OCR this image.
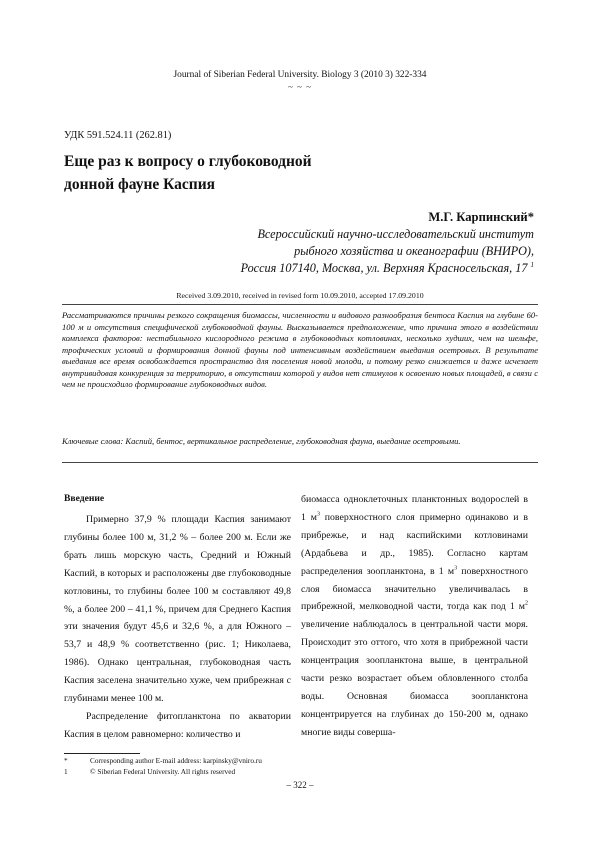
Journal of Siberian Federal University. Biology 3 (2010 3) 322-334
~ ~ ~
УДК 591.524.11 (262.81)
Еще раз к вопросу о глубоководной
донной фауне Каспия
М.Г. Карпинский*
Всероссийский научно-исследовательский институт
рыбного хозяйства и океанографии (ВНИРО),
Россия 107140, Москва, ул. Верхняя Красносельская, 17 $^1$
Received 3.09.2010, received in revised form 10.09.2010, accepted 17.09.2010

Рассматриваются причины резкого сокращения биомассы, численности и видового разнообразия бентоса Каспия на глубине 60-100 м и отсутствия специфической глубоководной фауны. Высказывается предположение, что причина этого в воздействии комплекса факторов: нестабильного кислородного режима в глубоководных котловинах, несколько худших, чем на шельфе, трофических условий и формирования донной фауны под интенсивным воздействием выедания осетровых. В результате выедания все время освобождается пространство для поселения новой молоди, и потому резко снижается и даже исчезает внутривидовая конкуренция за территорию, в отсутствии которой у видов нет стимулов к освоению новых площадей, в связи с чем не происходило формирование глубоководных видов.

Ключевые слова: Каспий, бентос, вертикальное распределение, глубоководная фауна, выедание осетровыми.

Введение

Примерно 37,9 % площади Каспия занимают глубины более 100 м, 31,2 % – более 200 м. Если же брать лишь морскую часть, Средний и Южный Каспий, в которых и расположены две глубоководные котловины, то глубины более 100 м составляют 49,8 %, а более 200 – 41,1 %, причем для Среднего Каспия эти значения будут 45,6 и 32,6 %, а для Южного – 53,7 и 48,9 % соответственно (рис. 1; Николаева, 1986). Однако центральная, глубоководная часть Каспия заселена значительно хуже, чем прибрежная с глубинами менее 100 м.

Распределение фитопланктона по акватории Каспия в целом равномерно: количество и

биомасса одноклеточных планктонных водорослей в 1 $м^3$ поверхностного слоя примерно одинаково и в прибрежье, и над каспийскими котловинами (Ардабьева и др., 1985). Согласно картам распределения зоопланктона, в 1 $м^3$ поверхностного слоя биомасса значительно увеличивалась в прибрежной, мелководной части, тогда как под 1 $м^2$ увеличение наблюдалось в центральной части моря. Происходит это оттого, что хотя в прибрежной части концентрация зоопланктона выше, в центральной части резко возрастает объем обловленного столба воды. Основная биомасса зоопланктона концентрируется на глубинах до 150-200 м, однако многие виды соверша-

*	Corresponding author E-mail address: karpinsky@vniro.ru
1	© Siberian Federal University. All rights reserved
– 322 –
